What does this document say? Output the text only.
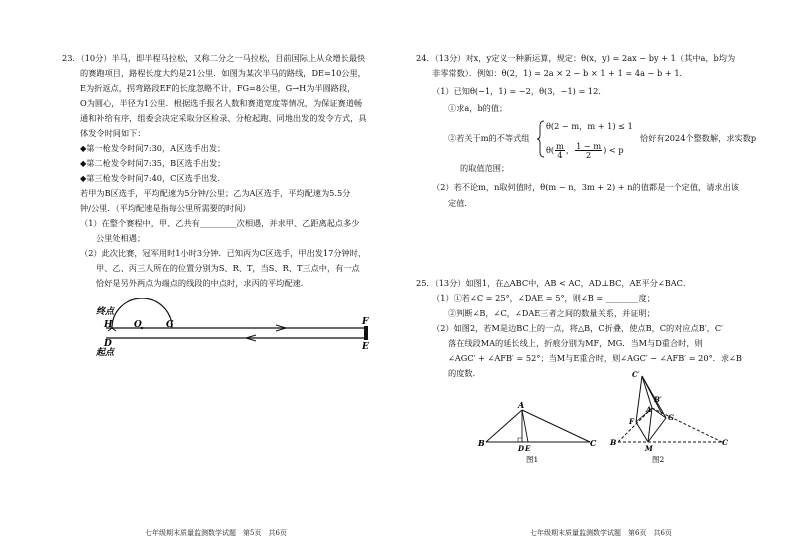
23．（10分）半马，即半程马拉松，又称二分之一马拉松，目前国际上从众增长最快
的赛跑项目，路程长度大约是21公里．如图为某次半马的路线，DE=10公里，
E为折返点，拐弯路段EF的长度忽略不计，FG=8公里，G→H为半圆路段，
O为圆心，半径为1公里．根据选手报名人数和赛道宽度等情况，为保证赛道畅
通和补给有序，组委会决定采取分区检录、分枪起跑、同地出发的发令方式，具
体发令时间如下：
◆第一枪发令时间7:30，A区选手出发；
◆第二枪发令时间7:35，B区选手出发；
◆第三枪发令时间7:40，C区选手出发．
若甲为B区选手，平均配速为5分钟/公里；乙为A区选手，平均配速为5.5分
钟/公里．（平均配速是指每公里所需要的时间）
（1）在整个赛程中，甲、乙共有_________次相遇，并求甲、乙距离起点多少
公里处相遇；
（2）此次比赛，冠军用时1小时3分钟．已知丙为C区选手，甲出发17分钟时，
甲、乙、丙三人所在的位置分别为S、R、T，当S、R、T三点中，有一点
恰好是另外两点为端点的线段的中点时，求丙的平均配速．
终点
H O	G
D
起点
F
E
七年级期末质量监测数学试题　第5页　共6页
24．（13分）对x，y定义一种新运算，规定：θ(x，y) = 2ax − by + 1（其中a，b均为
非零常数）．例如：θ(2，1) = 2a × 2 − b × 1 + 1 = 4a − b + 1．
（1）已知θ(−1，1) = −2，θ(3，−1) = 12．
①求a，b的值；
②若关于m的不等式组
θ(2 − m，m + 1) ≤ 1
$\theta( \frac{m}{4}$ ， $\frac{1 - m}{2}$ ) < p
恰好有2024个整数解，求实数p
的取值范围；
（2）若不论m，n取何值时，θ(m − n，3m + 2) + n的值都是一个定值，请求出该
定值．
25．（13分）如图1，在△ABC中，AB < AC，AD⊥BC，AE平分∠BAC．
（1）①若∠C = 25°，∠DAE = 5°，则∠B = ________度；
②判断∠B，∠C，∠DAE三者之间的数量关系，并证明；
（2）如图2，若M是边BC上的一点，将△B，C折叠，使点B，C的对应点B′，C′
落在线段MA的延长线上，折痕分别为MF，MG．当M与D重合时，则
∠AGC′ + ∠AFB′ = 52°；当M与E重合时，则∠AGC′ − ∠AFB′ = 20°．求∠B
的度数．
A
B	C
D E
图1
C′
B′
A
F	G
B	C
M
图2
七年级期末质量监测数学试题　第6页　共6页
